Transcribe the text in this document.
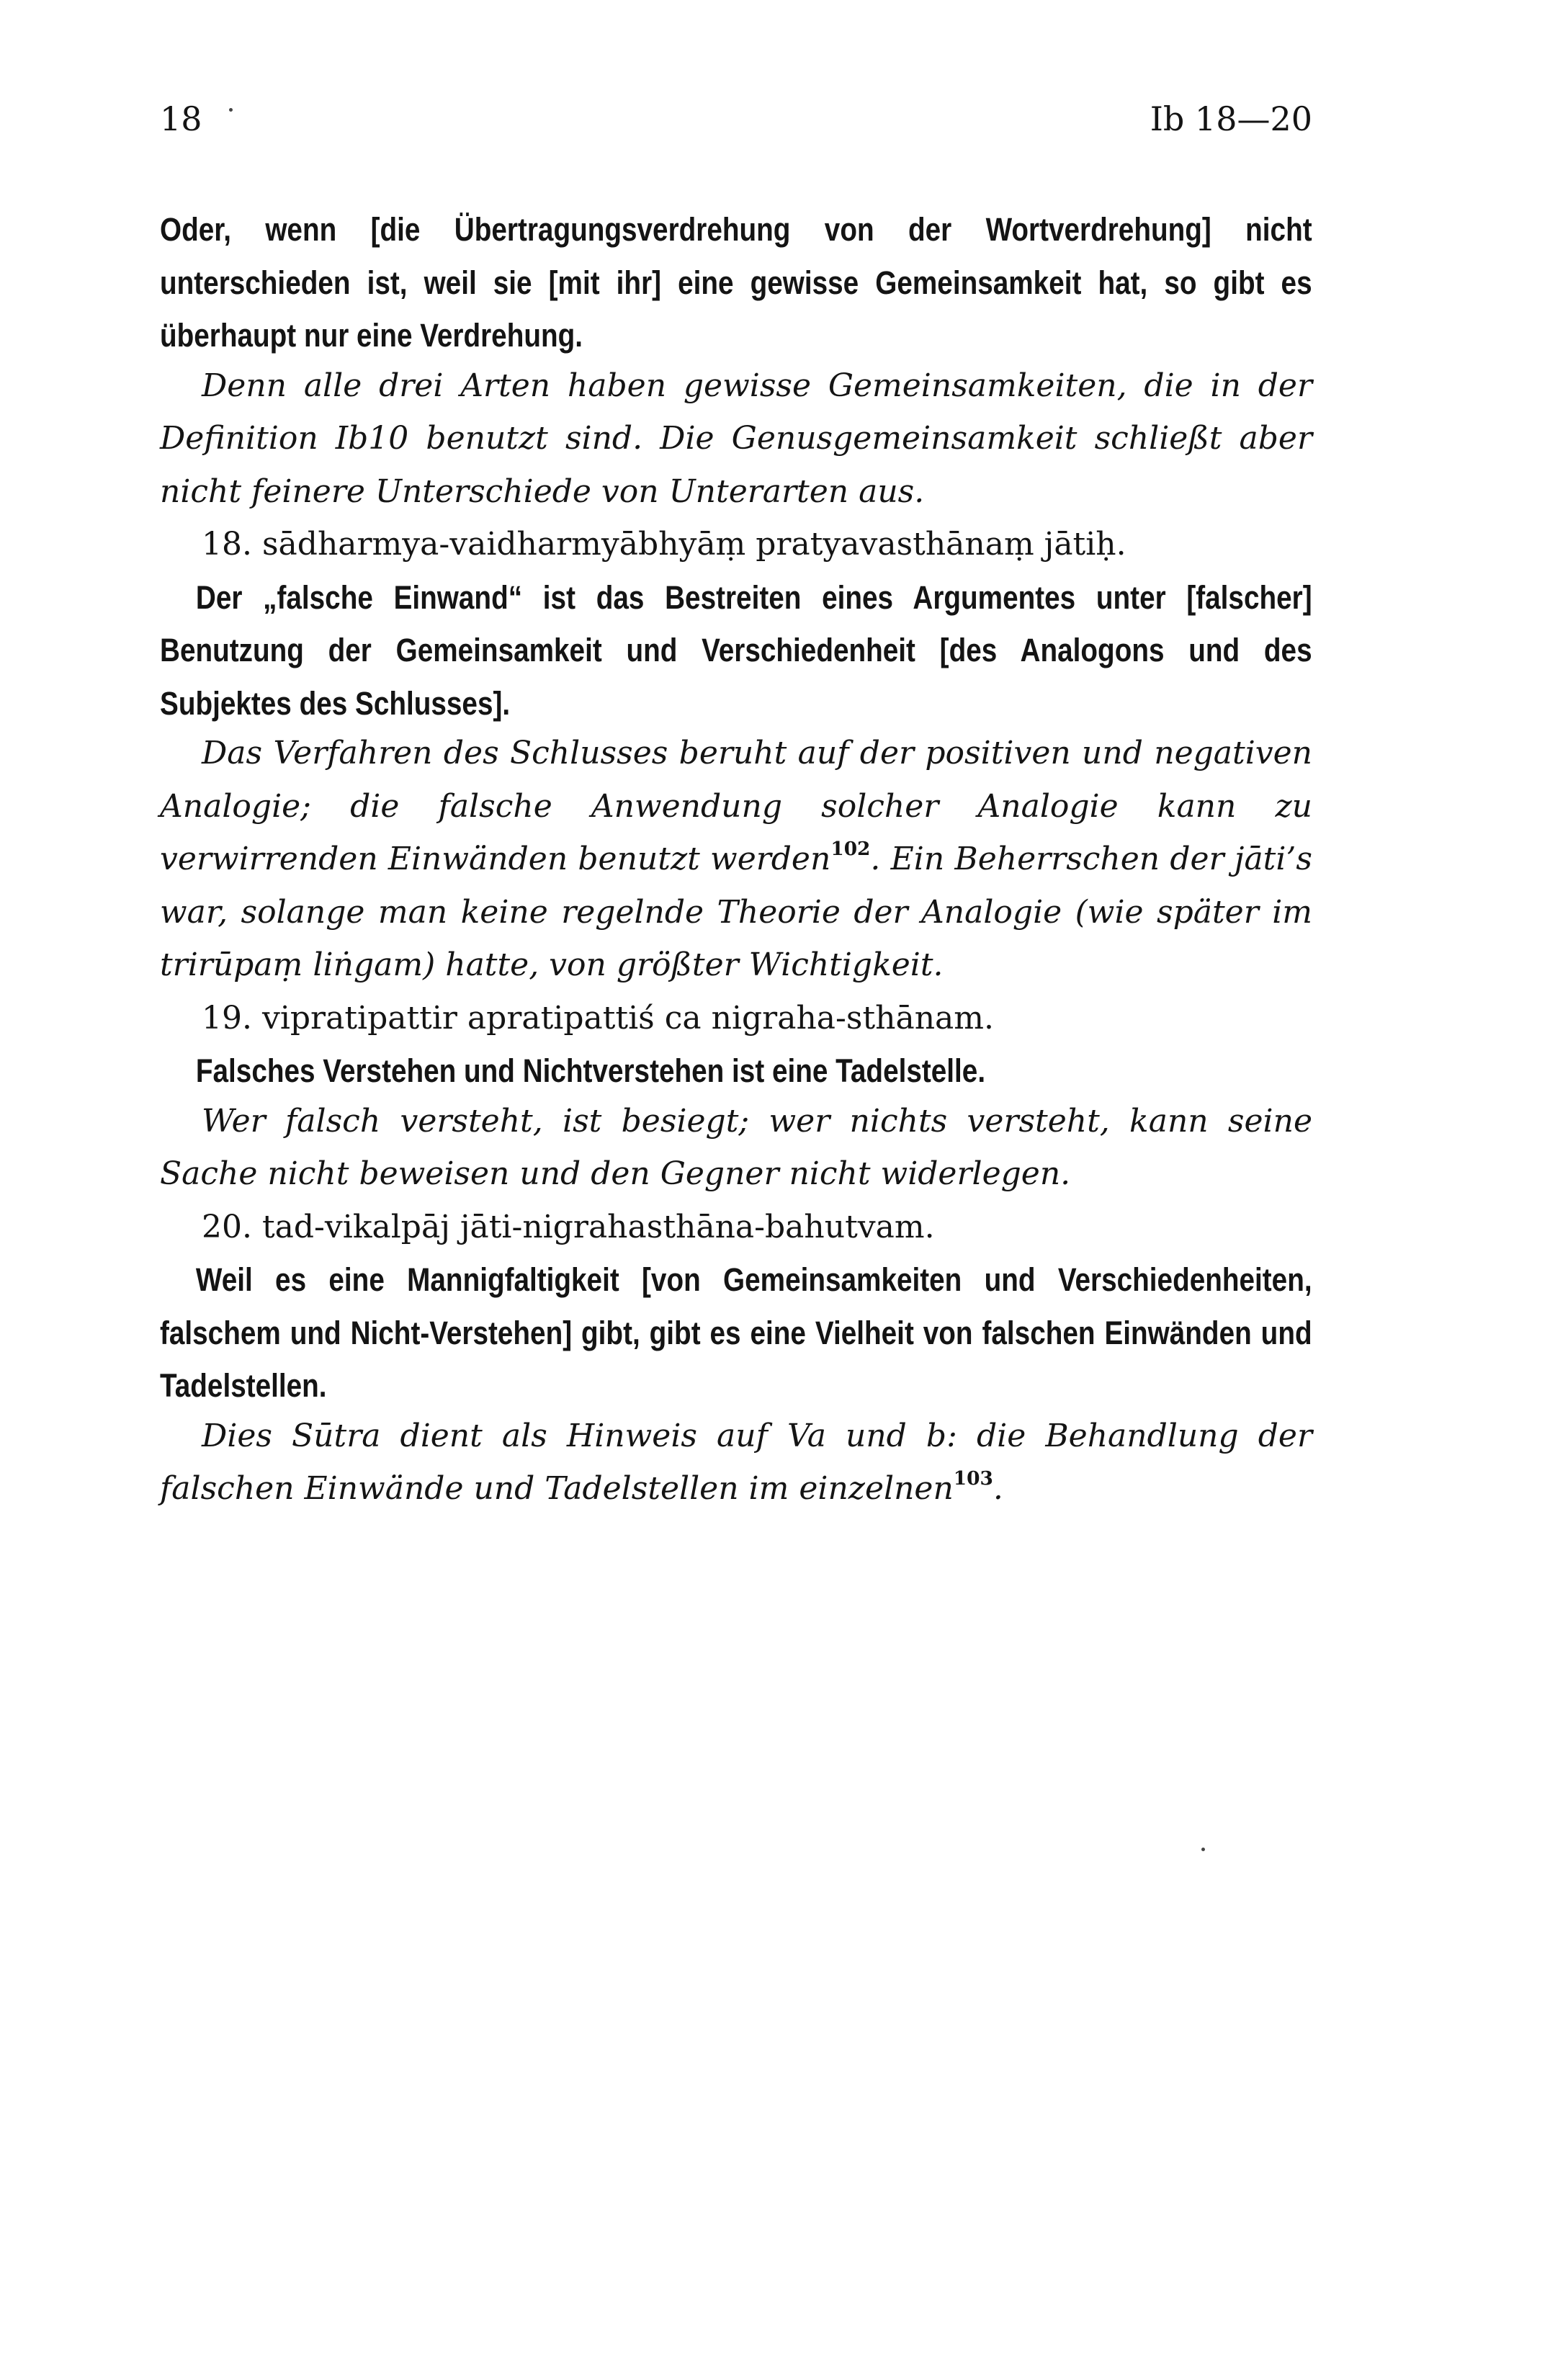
18	Ib 18—20

Oder, wenn [die Übertragungsverdrehung von der Wortverdrehung] nicht unterschieden ist, weil sie [mit ihr] eine gewisse Gemeinsamkeit hat, so gibt es überhaupt nur eine Verdrehung.

Denn alle drei Arten haben gewisse Gemeinsamkeiten, die in der Definition Ib10 benutzt sind. Die Genusgemeinsamkeit schließt aber nicht feinere Unterschiede von Unterarten aus.

18. sādharmya-vaidharmyābhyāṃ pratyavasthānaṃ jātiḥ.

Der „falsche Einwand“ ist das Bestreiten eines Argumentes unter [falscher] Benutzung der Gemeinsamkeit und Verschiedenheit [des Analogons und des Subjektes des Schlusses].

Das Verfahren des Schlusses beruht auf der positiven und negativen Analogie; die falsche Anwendung solcher Analogie kann zu verwirrenden Einwänden benutzt werden$^{102}$. Ein Beherrschen der jāti’s war, solange man keine regelnde Theorie der Analogie (wie später im trirūpaṃ liṅgam) hatte, von größter Wichtigkeit.

19. vipratipattir apratipattiś ca nigraha-sthānam.

Falsches Verstehen und Nichtverstehen ist eine Tadelstelle.

Wer falsch versteht, ist besiegt; wer nichts versteht, kann seine Sache nicht beweisen und den Gegner nicht widerlegen.

20. tad-vikalpāj jāti-nigrahasthāna-bahutvam.

Weil es eine Mannigfaltigkeit [von Gemeinsamkeiten und Verschiedenheiten, falschem und Nicht-Verstehen] gibt, gibt es eine Vielheit von falschen Einwänden und Tadelstellen.

Dies Sūtra dient als Hinweis auf Va und b: die Behandlung der falschen Einwände und Tadelstellen im einzelnen$^{103}$.
